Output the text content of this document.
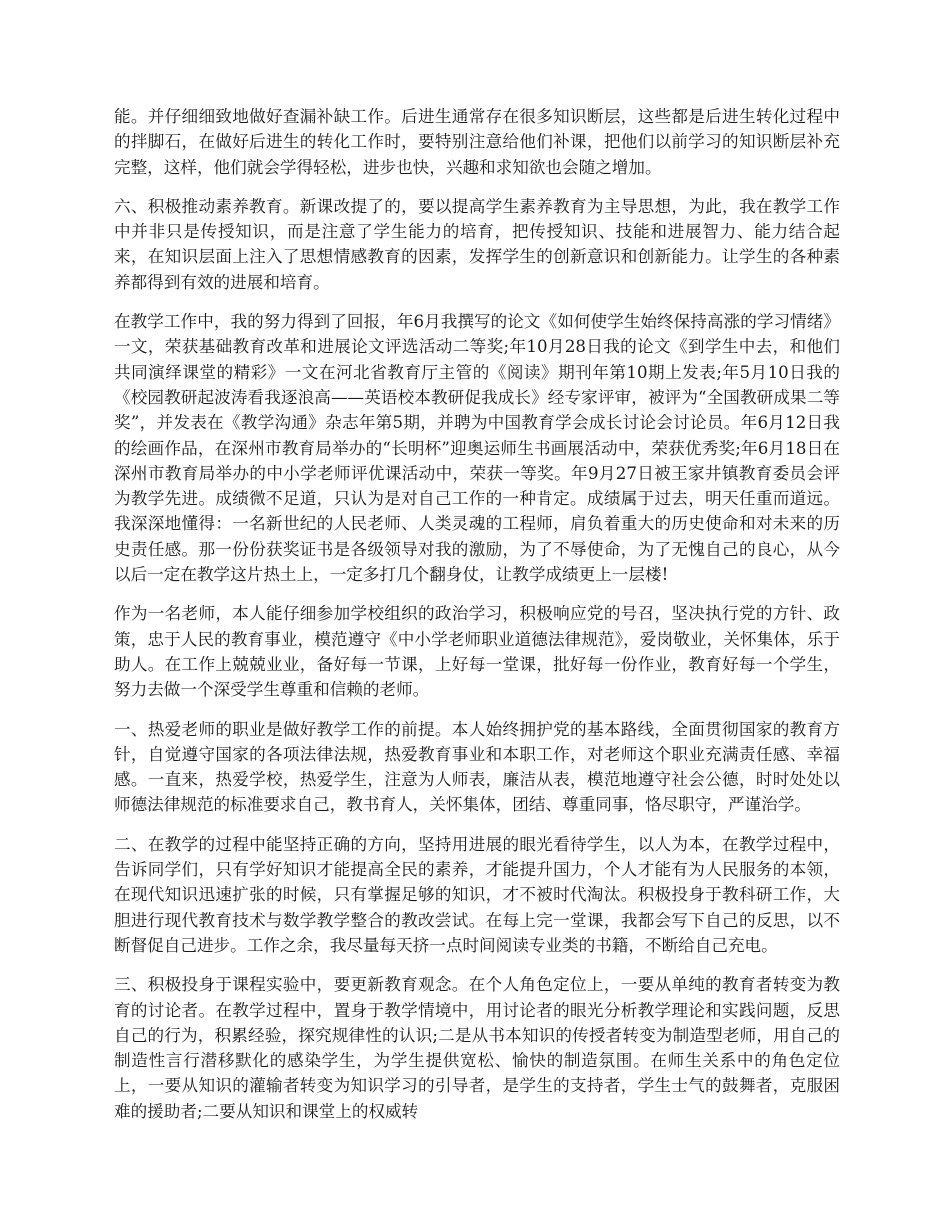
能。并仔细细致地做好查漏补缺工作。后进生通常存在很多知识断层，这些都是后进生转化过程中的拌脚石，在做好后进生的转化工作时，要特别注意给他们补课，把他们以前学习的知识断层补充完整，这样，他们就会学得轻松，进步也快，兴趣和求知欲也会随之增加。

六、积极推动素养教育。新课改提了的，要以提高学生素养教育为主导思想，为此，我在教学工作中并非只是传授知识，而是注意了学生能力的培育，把传授知识、技能和进展智力、能力结合起来，在知识层面上注入了思想情感教育的因素，发挥学生的创新意识和创新能力。让学生的各种素养都得到有效的进展和培育。

在教学工作中，我的努力得到了回报，年6月我撰写的论文《如何使学生始终保持高涨的学习情绪》一文，荣获基础教育改革和进展论文评选活动二等奖;年10月28日我的论文《到学生中去，和他们共同演绎课堂的精彩》一文在河北省教育厅主管的《阅读》期刊年第10期上发表;年5月10日我的《校园教研起波涛看我逐浪高——英语校本教研促我成长》经专家评审，被评为“全国教研成果二等奖”，并发表在《教学沟通》杂志年第5期，并聘为中国教育学会成长讨论会讨论员。年6月12日我的绘画作品，在深州市教育局举办的“长明杯”迎奥运师生书画展活动中，荣获优秀奖;年6月18日在深州市教育局举办的中小学老师评优课活动中，荣获一等奖。年9月27日被王家井镇教育委员会评为教学先进。成绩微不足道，只认为是对自己工作的一种肯定。成绩属于过去，明天任重而道远。我深深地懂得：一名新世纪的人民老师、人类灵魂的工程师，肩负着重大的历史使命和对未来的历史责任感。那一份份获奖证书是各级领导对我的激励，为了不辱使命，为了无愧自己的良心，从今以后一定在教学这片热土上，一定多打几个翻身仗，让教学成绩更上一层楼!

作为一名老师，本人能仔细参加学校组织的政治学习，积极响应党的号召，坚决执行党的方针、政策，忠于人民的教育事业，模范遵守《中小学老师职业道德法律规范》，爱岗敬业，关怀集体，乐于助人。在工作上兢兢业业，备好每一节课，上好每一堂课，批好每一份作业，教育好每一个学生，努力去做一个深受学生尊重和信赖的老师。

一、热爱老师的职业是做好教学工作的前提。本人始终拥护党的基本路线，全面贯彻国家的教育方针，自觉遵守国家的各项法律法规，热爱教育事业和本职工作，对老师这个职业充满责任感、幸福感。一直来，热爱学校，热爱学生，注意为人师表，廉洁从表，模范地遵守社会公德，时时处处以师德法律规范的标准要求自己，教书育人，关怀集体，团结、尊重同事，恪尽职守，严谨治学。

二、在教学的过程中能坚持正确的方向，坚持用进展的眼光看待学生，以人为本，在教学过程中，告诉同学们，只有学好知识才能提高全民的素养，才能提升国力，个人才能有为人民服务的本领，在现代知识迅速扩张的时候，只有掌握足够的知识，才不被时代淘汰。积极投身于教科研工作，大胆进行现代教育技术与数学教学整合的教改尝试。在每上完一堂课，我都会写下自己的反思，以不断督促自己进步。工作之余，我尽量每天挤一点时间阅读专业类的书籍，不断给自己充电。

三、积极投身于课程实验中，要更新教育观念。在个人角色定位上，一要从单纯的教育者转变为教育的讨论者。在教学过程中，置身于教学情境中，用讨论者的眼光分析教学理论和实践问题，反思自己的行为，积累经验，探究规律性的认识;二是从书本知识的传授者转变为制造型老师，用自己的制造性言行潜移默化的感染学生，为学生提供宽松、愉快的制造氛围。在师生关系中的角色定位上，一要从知识的灌输者转变为知识学习的引导者，是学生的支持者，学生士气的鼓舞者，克服困难的援助者;二要从知识和课堂上的权威转
